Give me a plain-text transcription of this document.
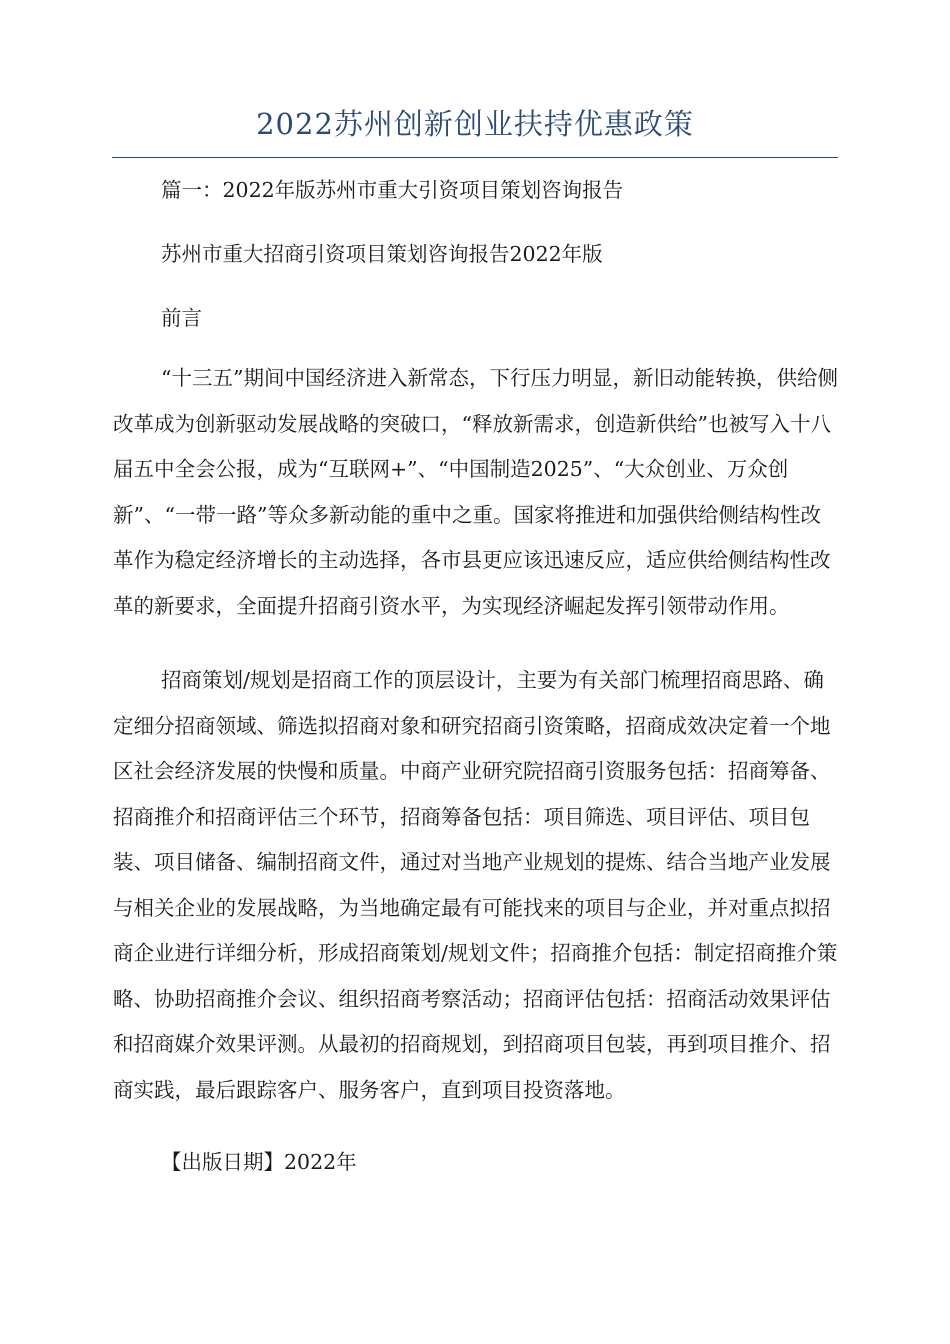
2022苏州创新创业扶持优惠政策

篇一：2022年版苏州市重大引资项目策划咨询报告

苏州市重大招商引资项目策划咨询报告2022年版

前言

“十三五”期间中国经济进入新常态，下行压力明显，新旧动能转换，供给侧改革成为创新驱动发展战略的突破口，“释放新需求，创造新供给”也被写入十八届五中全会公报，成为“互联网+”、“中国制造2025”、“大众创业、万众创新”、“一带一路”等众多新动能的重中之重。国家将推进和加强供给侧结构性改革作为稳定经济增长的主动选择，各市县更应该迅速反应，适应供给侧结构性改革的新要求，全面提升招商引资水平，为实现经济崛起发挥引领带动作用。

招商策划/规划是招商工作的顶层设计，主要为有关部门梳理招商思路、确定细分招商领域、筛选拟招商对象和研究招商引资策略，招商成效决定着一个地区社会经济发展的快慢和质量。中商产业研究院招商引资服务包括：招商筹备、招商推介和招商评估三个环节，招商筹备包括：项目筛选、项目评估、项目包装、项目储备、编制招商文件，通过对当地产业规划的提炼、结合当地产业发展与相关企业的发展战略，为当地确定最有可能找来的项目与企业，并对重点拟招商企业进行详细分析，形成招商策划/规划文件；招商推介包括：制定招商推介策略、协助招商推介会议、组织招商考察活动；招商评估包括：招商活动效果评估和招商媒介效果评测。从最初的招商规划，到招商项目包装，再到项目推介、招商实践，最后跟踪客户、服务客户，直到项目投资落地。

【出版日期】2022年
